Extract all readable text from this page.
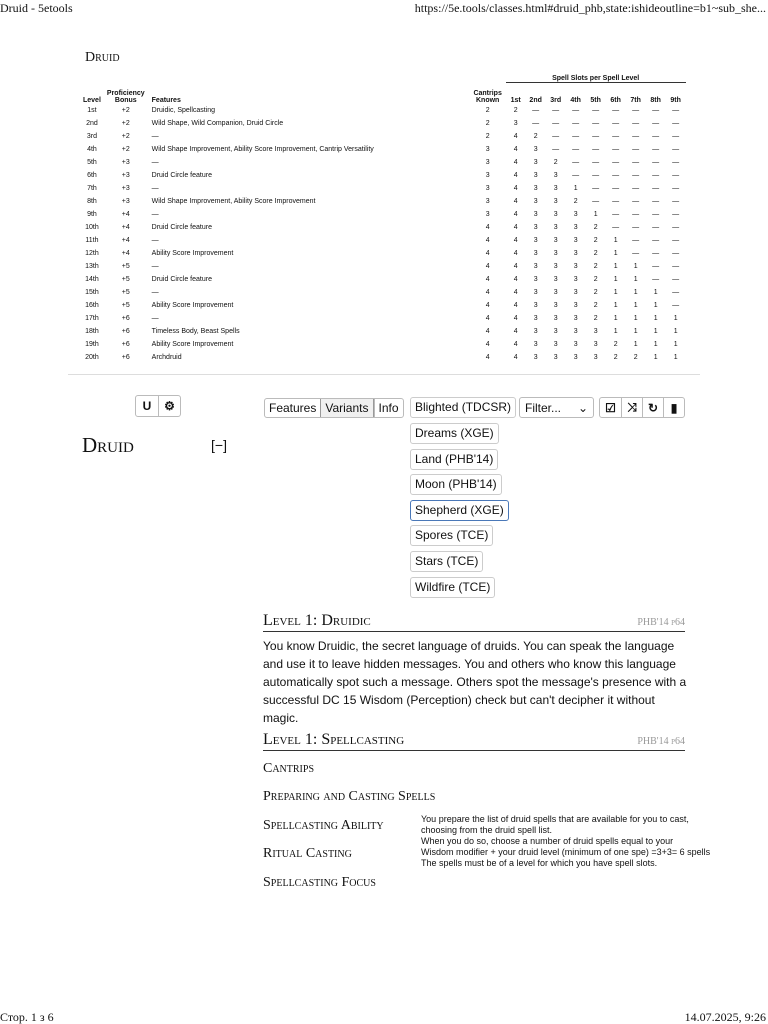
Druid - 5etools	https://5e.tools/classes.html#druid_phb,state:ishideoutline=b1~sub_she...
Druid
Level	Proficiency Bonus	Features	Cantrips Known	Spell Slots per Spell Level								
				1st	2nd	3rd	4th	5th	6th	7th	8th	9th
1st	+2	Druidic, Spellcasting	2	2	—	—	—	—	—	—	—	—
2nd	+2	Wild Shape, Wild Companion, Druid Circle	2	3	—	—	—	—	—	—	—	—
3rd	+2	—	2	4	2	—	—	—	—	—	—	—
4th	+2	Wild Shape Improvement, Ability Score Improvement, Cantrip Versatility	3	4	3	—	—	—	—	—	—	—
5th	+3	—	3	4	3	2	—	—	—	—	—	—
6th	+3	Druid Circle feature	3	4	3	3	—	—	—	—	—	—
7th	+3	—	3	4	3	3	1	—	—	—	—	—
8th	+3	Wild Shape Improvement, Ability Score Improvement	3	4	3	3	2	—	—	—	—	—
9th	+4	—	3	4	3	3	3	1	—	—	—	—
10th	+4	Druid Circle feature	4	4	3	3	3	2	—	—	—	—
11th	+4	—	4	4	3	3	3	2	1	—	—	—
12th	+4	Ability Score Improvement	4	4	3	3	3	2	1	—	—	—
13th	+5	—	4	4	3	3	3	2	1	1	—	—
14th	+5	Druid Circle feature	4	4	3	3	3	2	1	1	—	—
15th	+5	—	4	4	3	3	3	2	1	1	1	—
16th	+5	Ability Score Improvement	4	4	3	3	3	2	1	1	1	—
17th	+6	—	4	4	3	3	3	2	1	1	1	1
18th	+6	Timeless Body, Beast Spells	4	4	3	3	3	3	1	1	1	1
19th	+6	Ability Score Improvement	4	4	3	3	3	3	2	1	1	1
20th	+6	Archdruid	4	4	3	3	3	3	2	2	1	1
U	⚙	Features Variants Info	Blighted (TDCSR)
Dreams (XGE)
Land (PHB'14)
Moon (PHB'14)
Shepherd (XGE)
Spores (TCE)
Stars (TCE)
Wildfire (TCE)
Filter... ⌄	☑ ⤨ ↻	▮
Druid	[−]
Level 1: Druidic	PHB'14 p64
You know Druidic, the secret language of druids. You can speak the language and use it to leave hidden messages. You and others who know this language automatically spot such a message. Others spot the message's presence with a successful DC 15 Wisdom (Perception) check but can't decipher it without magic.
Level 1: Spellcasting	PHB'14 p64
Cantrips
Preparing and Casting Spells
Spellcasting Ability
Ritual Casting
Spellcasting Focus
You prepare the list of druid spells that are available for you to cast,
choosing from the druid spell list.
When you do so, choose a number of druid spells equal to your
Wisdom modifier + your druid level (minimum of one spe) =3+3= 6 spells
The spells must be of a level for which you have spell slots.
Стор. 1 з 6	14.07.2025, 9:26
